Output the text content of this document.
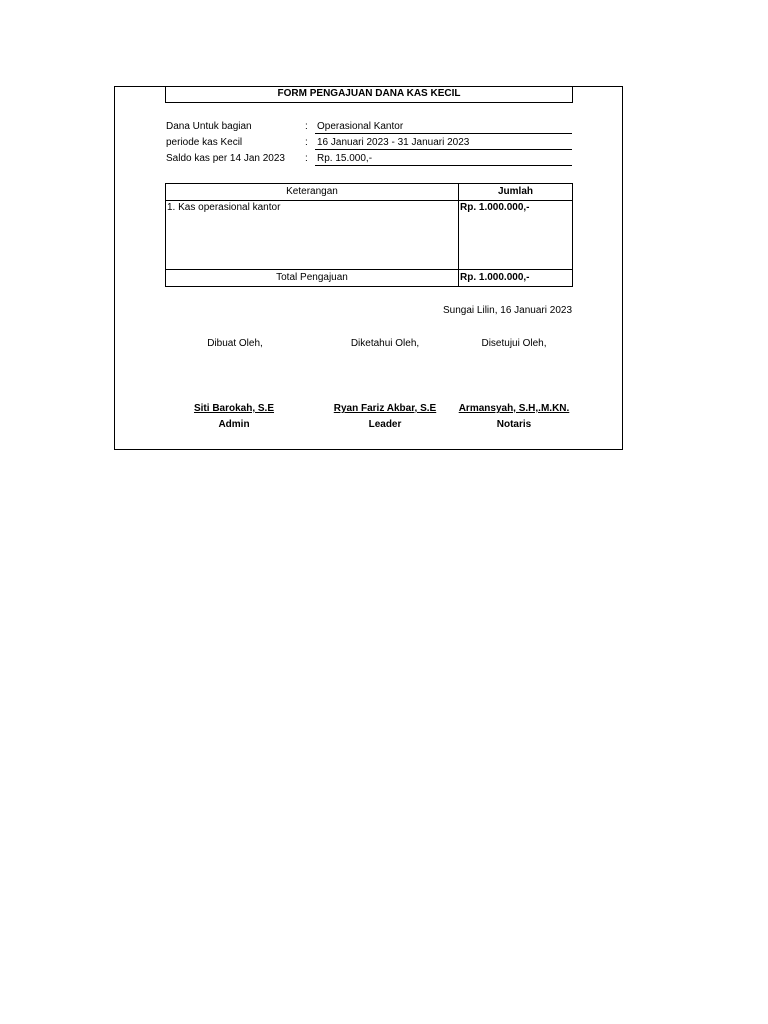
FORM PENGAJUAN DANA KAS KECIL
Dana Untuk bagian	: Operasional Kantor
periode kas Kecil	: 16 Januari 2023 - 31 Januari 2023
Saldo kas per 14 Jan 2023 : Rp. 15.000,-
Keterangan	Jumlah
1. Kas operasional kantor	Rp. 1.000.000,-
Total Pengajuan	Rp. 1.000.000,-
Sungai Lilin, 16 Januari 2023
Dibuat Oleh,	Diketahui Oleh,	Disetujui Oleh,
Siti Barokah, S.E	Ryan Fariz Akbar, S.E	Armansyah, S.H,.M.KN.
Admin	Leader	Notaris
